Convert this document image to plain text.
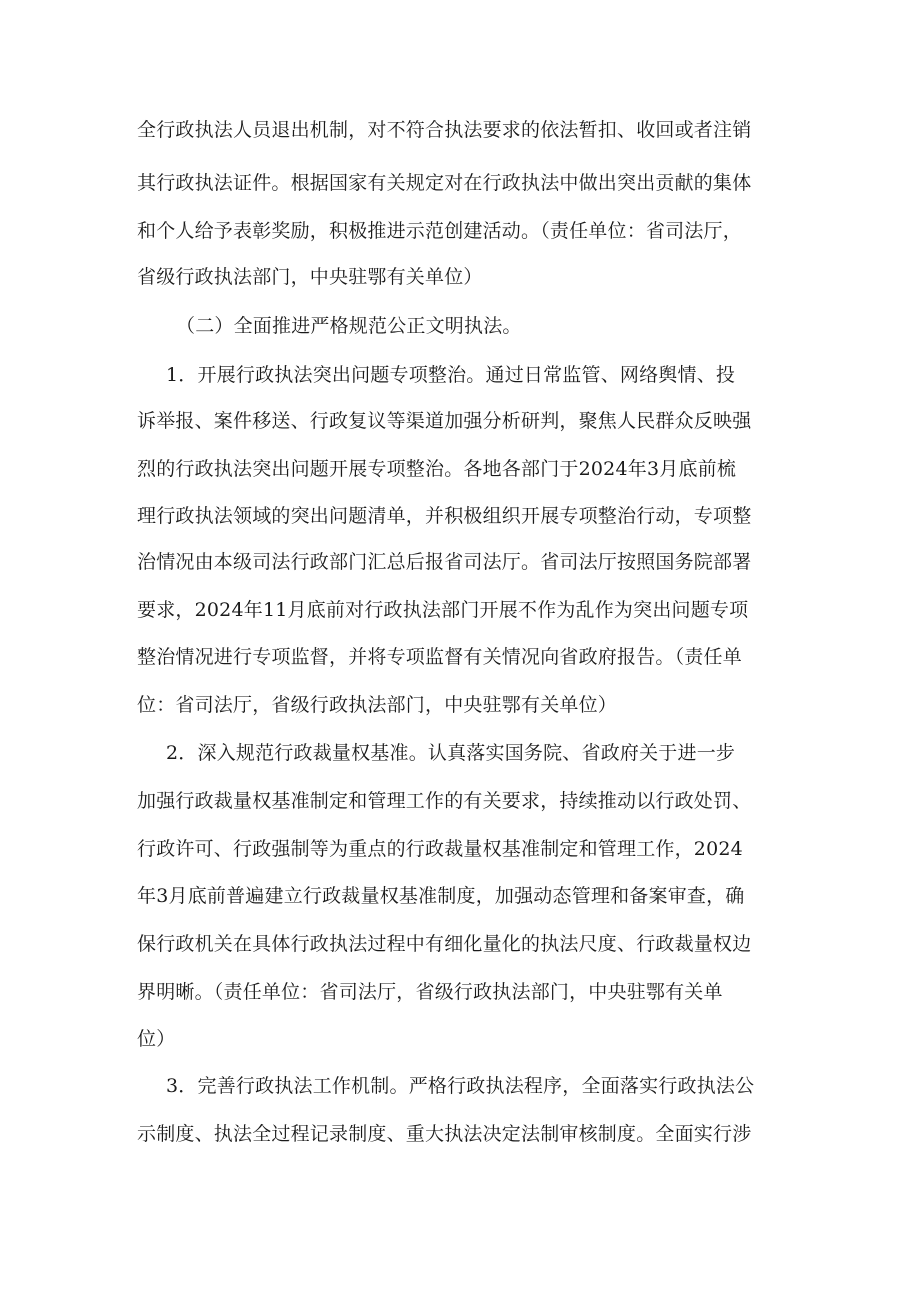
全行政执法人员退出机制，对不符合执法要求的依法暂扣、收回或者注销
其行政执法证件。根据国家有关规定对在行政执法中做出突出贡献的集体
和个人给予表彰奖励，积极推进示范创建活动。（责任单位：省司法厅，
省级行政执法部门，中央驻鄂有关单位）
（二）全面推进严格规范公正文明执法。
1．开展行政执法突出问题专项整治。通过日常监管、网络舆情、投
诉举报、案件移送、行政复议等渠道加强分析研判，聚焦人民群众反映强
烈的行政执法突出问题开展专项整治。各地各部门于2024年3月底前梳
理行政执法领域的突出问题清单，并积极组织开展专项整治行动，专项整
治情况由本级司法行政部门汇总后报省司法厅。省司法厅按照国务院部署
要求，2024年11月底前对行政执法部门开展不作为乱作为突出问题专项
整治情况进行专项监督，并将专项监督有关情况向省政府报告。（责任单
位：省司法厅，省级行政执法部门，中央驻鄂有关单位）
2．深入规范行政裁量权基准。认真落实国务院、省政府关于进一步
加强行政裁量权基准制定和管理工作的有关要求，持续推动以行政处罚、
行政许可、行政强制等为重点的行政裁量权基准制定和管理工作，2024
年3月底前普遍建立行政裁量权基准制度，加强动态管理和备案审查，确
保行政机关在具体行政执法过程中有细化量化的执法尺度、行政裁量权边
界明晰。（责任单位：省司法厅，省级行政执法部门，中央驻鄂有关单
位）
3．完善行政执法工作机制。严格行政执法程序，全面落实行政执法公
示制度、执法全过程记录制度、重大执法决定法制审核制度。全面实行涉
